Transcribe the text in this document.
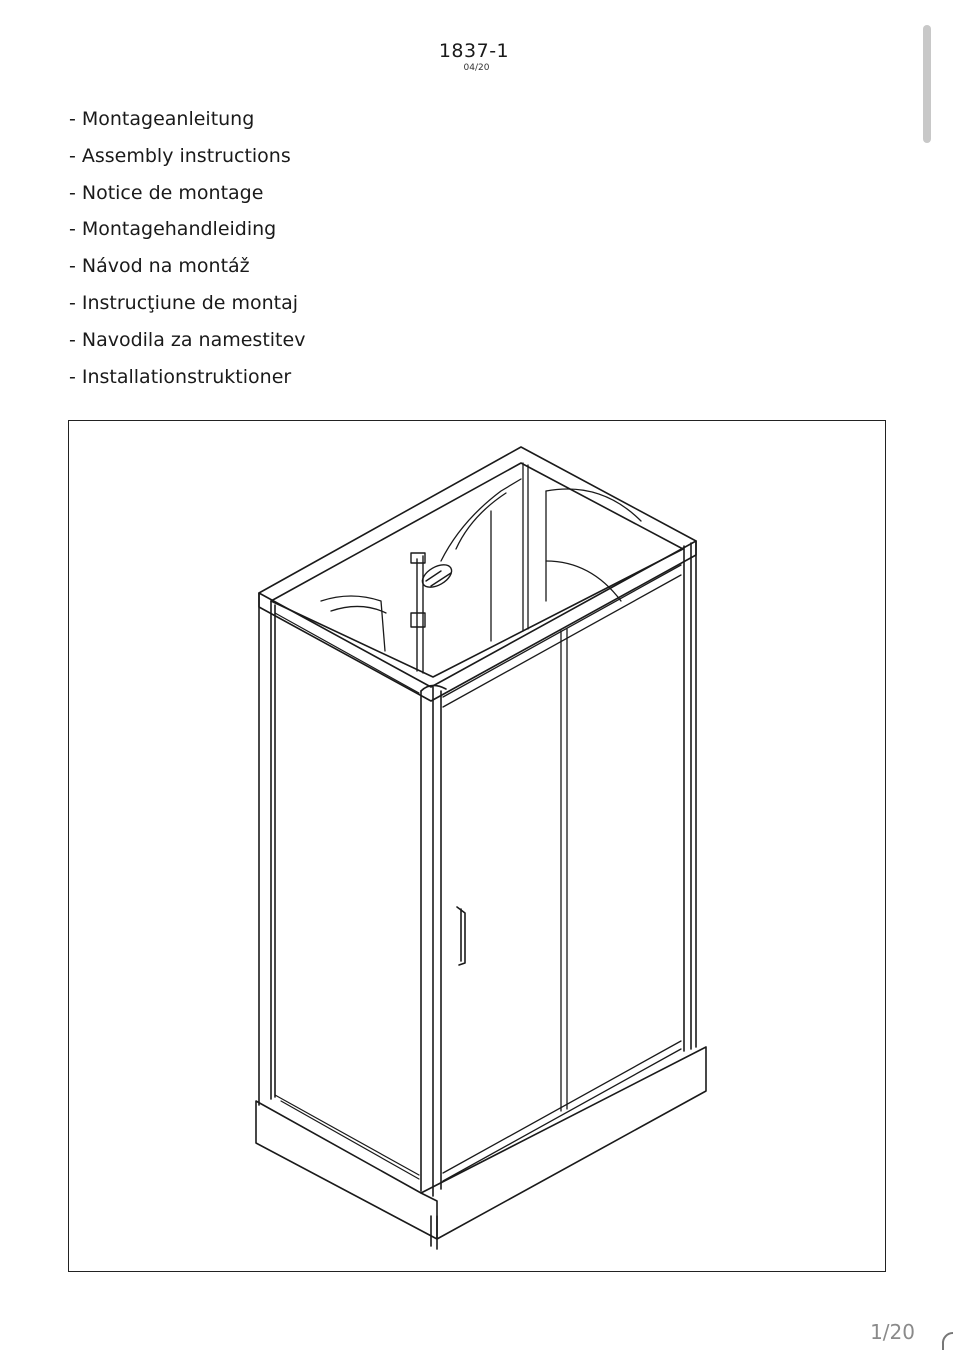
1837-1
04/20
- Montageanleitung
- Assembly instructions
- Notice de montage
- Montagehandleiding
- Návod na montáž
- Instrucţiune de montaj
- Navodila za namestitev
- Installationstruktioner
1/20
